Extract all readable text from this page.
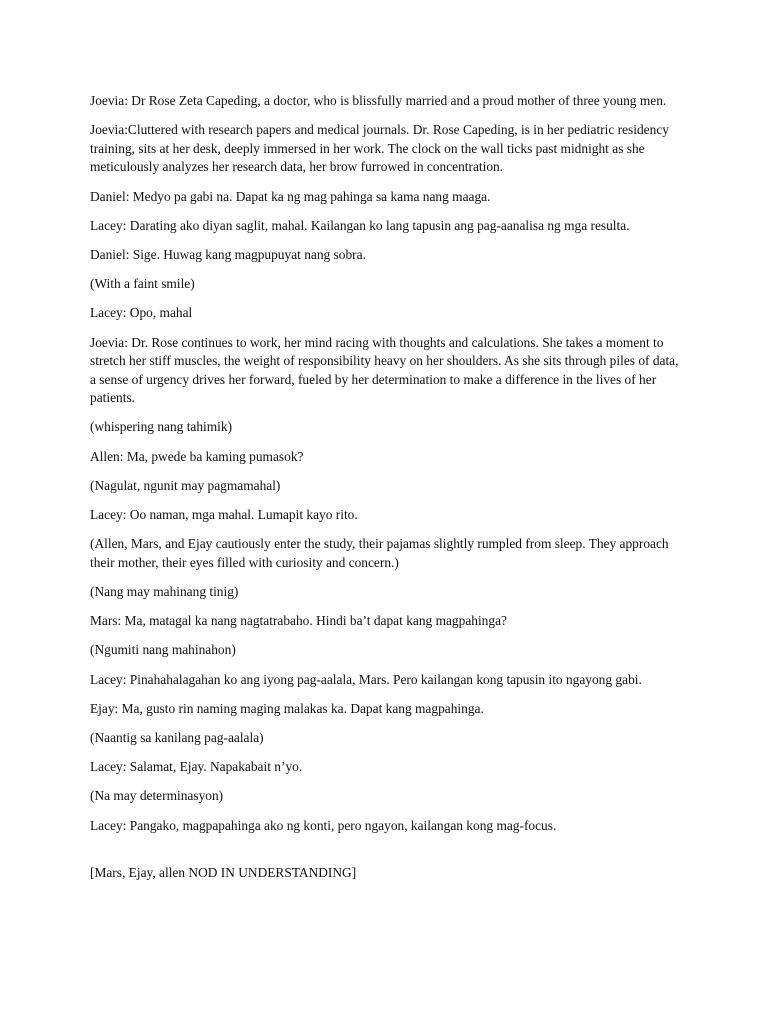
Joevia: Dr Rose Zeta Capeding, a doctor, who is blissfully married and a proud mother of three young men.

Joevia:Cluttered with research papers and medical journals. Dr. Rose Capeding, is in her pediatric residency training, sits at her desk, deeply immersed in her work. The clock on the wall ticks past midnight as she meticulously analyzes her research data, her brow furrowed in concentration.

Daniel: Medyo pa gabi na. Dapat ka ng mag pahinga sa kama nang maaga.

Lacey: Darating ako diyan saglit, mahal. Kailangan ko lang tapusin ang pag-aanalisa ng mga resulta.

Daniel: Sige. Huwag kang magpupuyat nang sobra.

(With a faint smile)

Lacey: Opo, mahal

Joevia: Dr. Rose continues to work, her mind racing with thoughts and calculations. She takes a moment to stretch her stiff muscles, the weight of responsibility heavy on her shoulders. As she sits through piles of data, a sense of urgency drives her forward, fueled by her determination to make a difference in the lives of her patients.

(whispering nang tahimik)

Allen: Ma, pwede ba kaming pumasok?

(Nagulat, ngunit may pagmamahal)

Lacey: Oo naman, mga mahal. Lumapit kayo rito.

(Allen, Mars, and Ejay cautiously enter the study, their pajamas slightly rumpled from sleep. They approach their mother, their eyes filled with curiosity and concern.)

(Nang may mahinang tinig)

Mars: Ma, matagal ka nang nagtatrabaho. Hindi ba’t dapat kang magpahinga?

(Ngumiti nang mahinahon)

Lacey: Pinahahalagahan ko ang iyong pag-aalala, Mars. Pero kailangan kong tapusin ito ngayong gabi.

Ejay: Ma, gusto rin naming maging malakas ka. Dapat kang magpahinga.

(Naantig sa kanilang pag-aalala)

Lacey: Salamat, Ejay. Napakabait n’yo.

(Na may determinasyon)

Lacey: Pangako, magpapahinga ako ng konti, pero ngayon, kailangan kong mag-focus.

[Mars, Ejay, allen NOD IN UNDERSTANDING]
